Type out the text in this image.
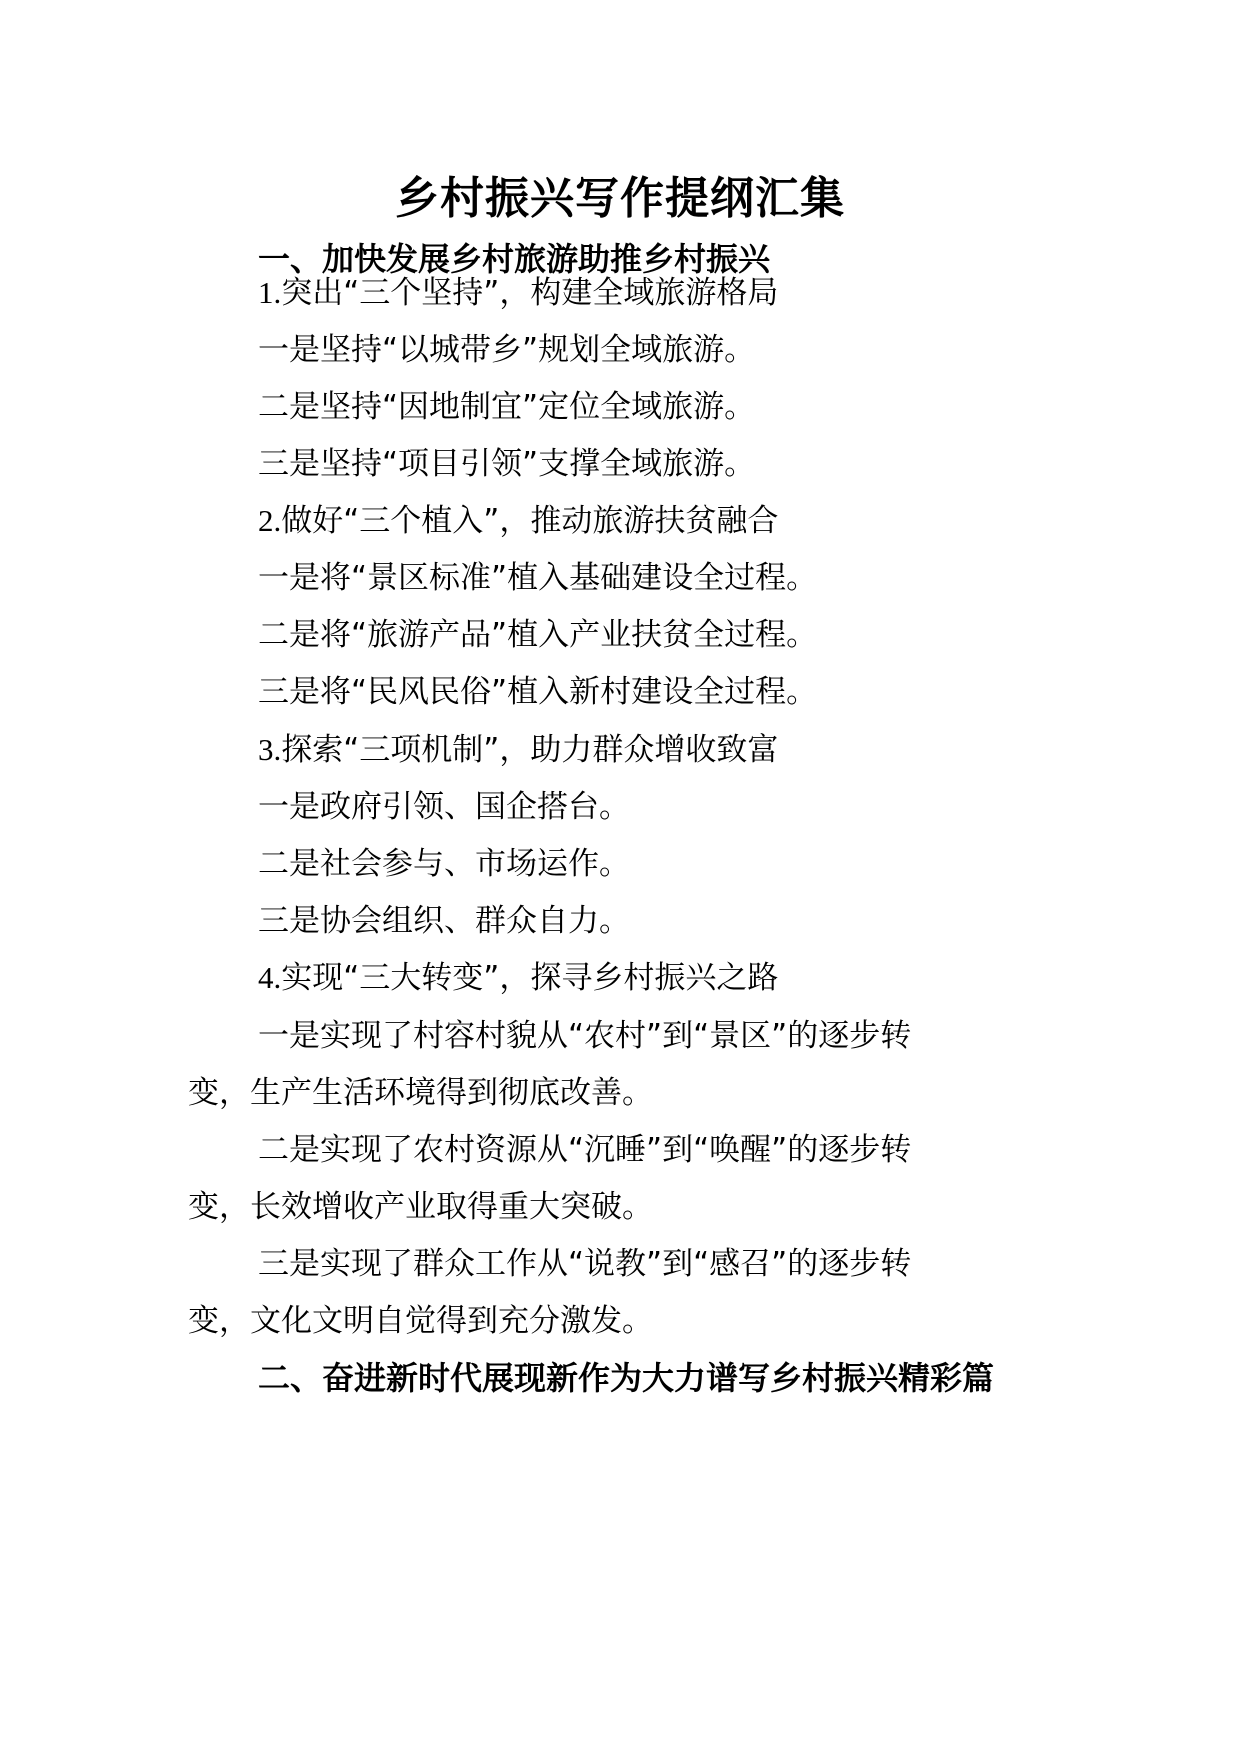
乡村振兴写作提纲汇集
一、加快发展乡村旅游助推乡村振兴
1.突出“三个坚持”，构建全域旅游格局
一是坚持“以城带乡”规划全域旅游。
二是坚持“因地制宜”定位全域旅游。
三是坚持“项目引领”支撑全域旅游。
2.做好“三个植入”，推动旅游扶贫融合
一是将“景区标准”植入基础建设全过程。
二是将“旅游产品”植入产业扶贫全过程。
三是将“民风民俗”植入新村建设全过程。
3.探索“三项机制”，助力群众增收致富
一是政府引领、国企搭台。
二是社会参与、市场运作。
三是协会组织、群众自力。
4.实现“三大转变”，探寻乡村振兴之路
一是实现了村容村貌从“农村”到“景区”的逐步转
变，生产生活环境得到彻底改善。
二是实现了农村资源从“沉睡”到“唤醒”的逐步转
变，长效增收产业取得重大突破。
三是实现了群众工作从“说教”到“感召”的逐步转
变，文化文明自觉得到充分激发。
二、奋进新时代展现新作为大力谱写乡村振兴精彩篇
